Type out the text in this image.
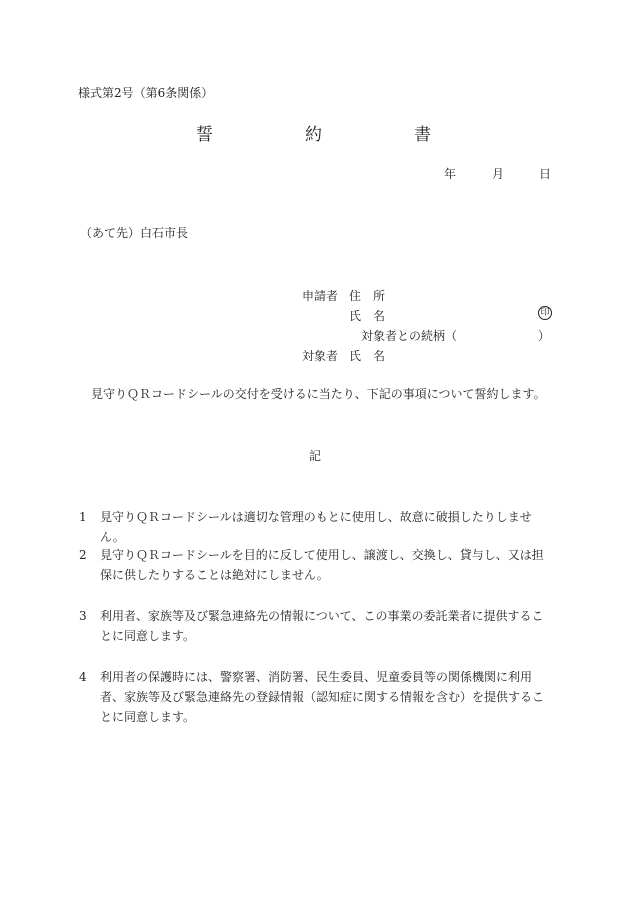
様式第2号（第6条関係）
誓	約	書
年	月	日
（あて先）白石市長
申請者 住　所
氏　名	印
対象者との続柄（	）
対象者 氏　名
見守りＱＲコードシールの交付を受けるに当たり、下記の事項について誓約します。
記
1 見守りＱＲコードシールは適切な管理のもとに使用し、故意に破損したりしません。
2 見守りＱＲコードシールを目的に反して使用し、譲渡し、交換し、貸与し、又は担保に供したりすることは絶対にしません。
3 利用者、家族等及び緊急連絡先の情報について、この事業の委託業者に提供することに同意します。
4 利用者の保護時には、警察署、消防署、民生委員、児童委員等の関係機関に利用者、家族等及び緊急連絡先の登録情報（認知症に関する情報を含む）を提供することに同意します。
